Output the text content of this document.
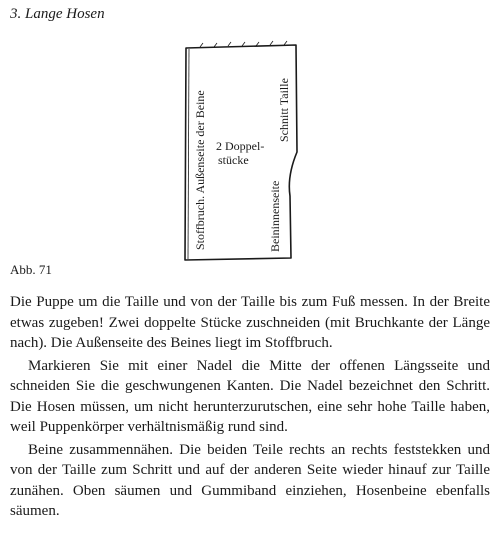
3. Lange Hosen
Stoffbruch. Außenseite der Beine 2 Doppel-
stücke
Schnitt Taille
Beininnenseite
Abb. 71

Die Puppe um die Taille und von der Taille bis zum Fuß messen. In der Breite etwas zugeben! Zwei doppelte Stücke zuschneiden (mit Bruchkante der Länge nach). Die Außenseite des Beines liegt im Stoffbruch.

Markieren Sie mit einer Nadel die Mitte der offenen Längsseite und schneiden Sie die geschwungenen Kanten. Die Nadel bezeichnet den Schritt. Die Hosen müssen, um nicht herunterzurutschen, eine sehr hohe Taille haben, weil Puppenkörper verhältnismäßig rund sind.

Beine zusammennähen. Die beiden Teile rechts an rechts feststekken und von der Taille zum Schritt und auf der anderen Seite wieder hinauf zur Taille zunähen. Oben säumen und Gummiband einziehen, Hosenbeine ebenfalls säumen.
